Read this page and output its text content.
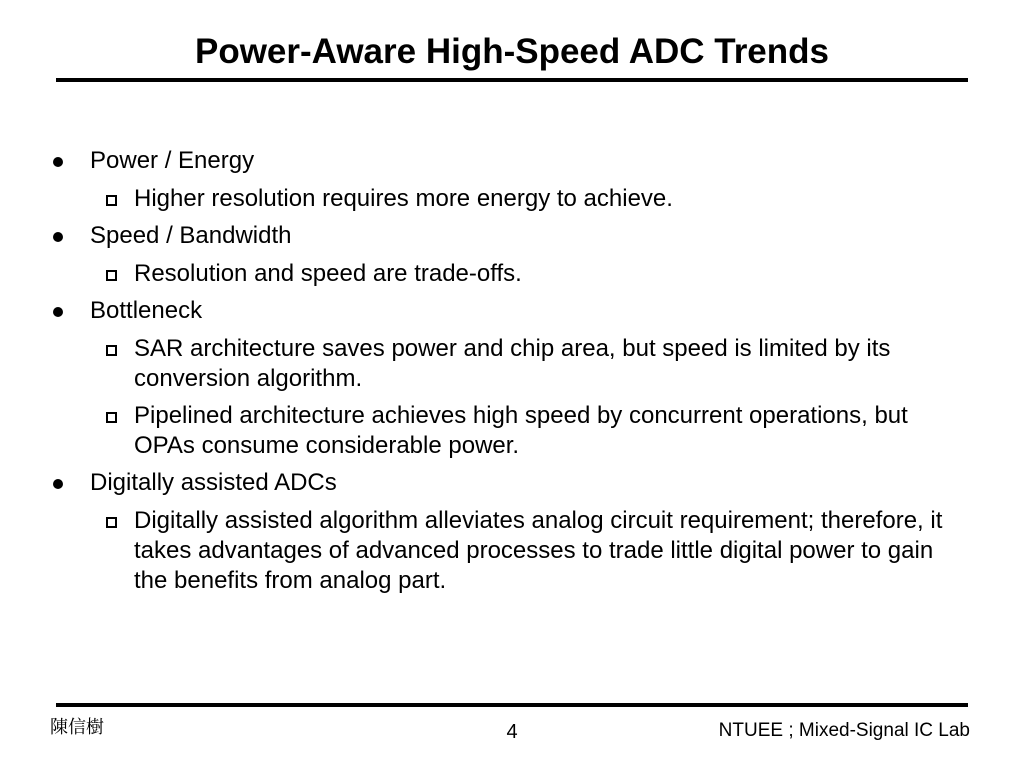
Power-Aware High-Speed ADC Trends
Power / Energy
Higher resolution requires more energy to achieve.
Speed / Bandwidth
Resolution and speed are trade-offs.
Bottleneck
SAR architecture saves power and chip area, but speed is limited by its conversion algorithm.
Pipelined architecture achieves high speed by concurrent operations, but OPAs consume considerable power.
Digitally assisted ADCs
Digitally assisted algorithm alleviates analog circuit requirement; therefore, it takes advantages of advanced processes to trade little digital power to gain the benefits from analog part.
陳信樹	4	NTUEE ; Mixed-Signal IC Lab
